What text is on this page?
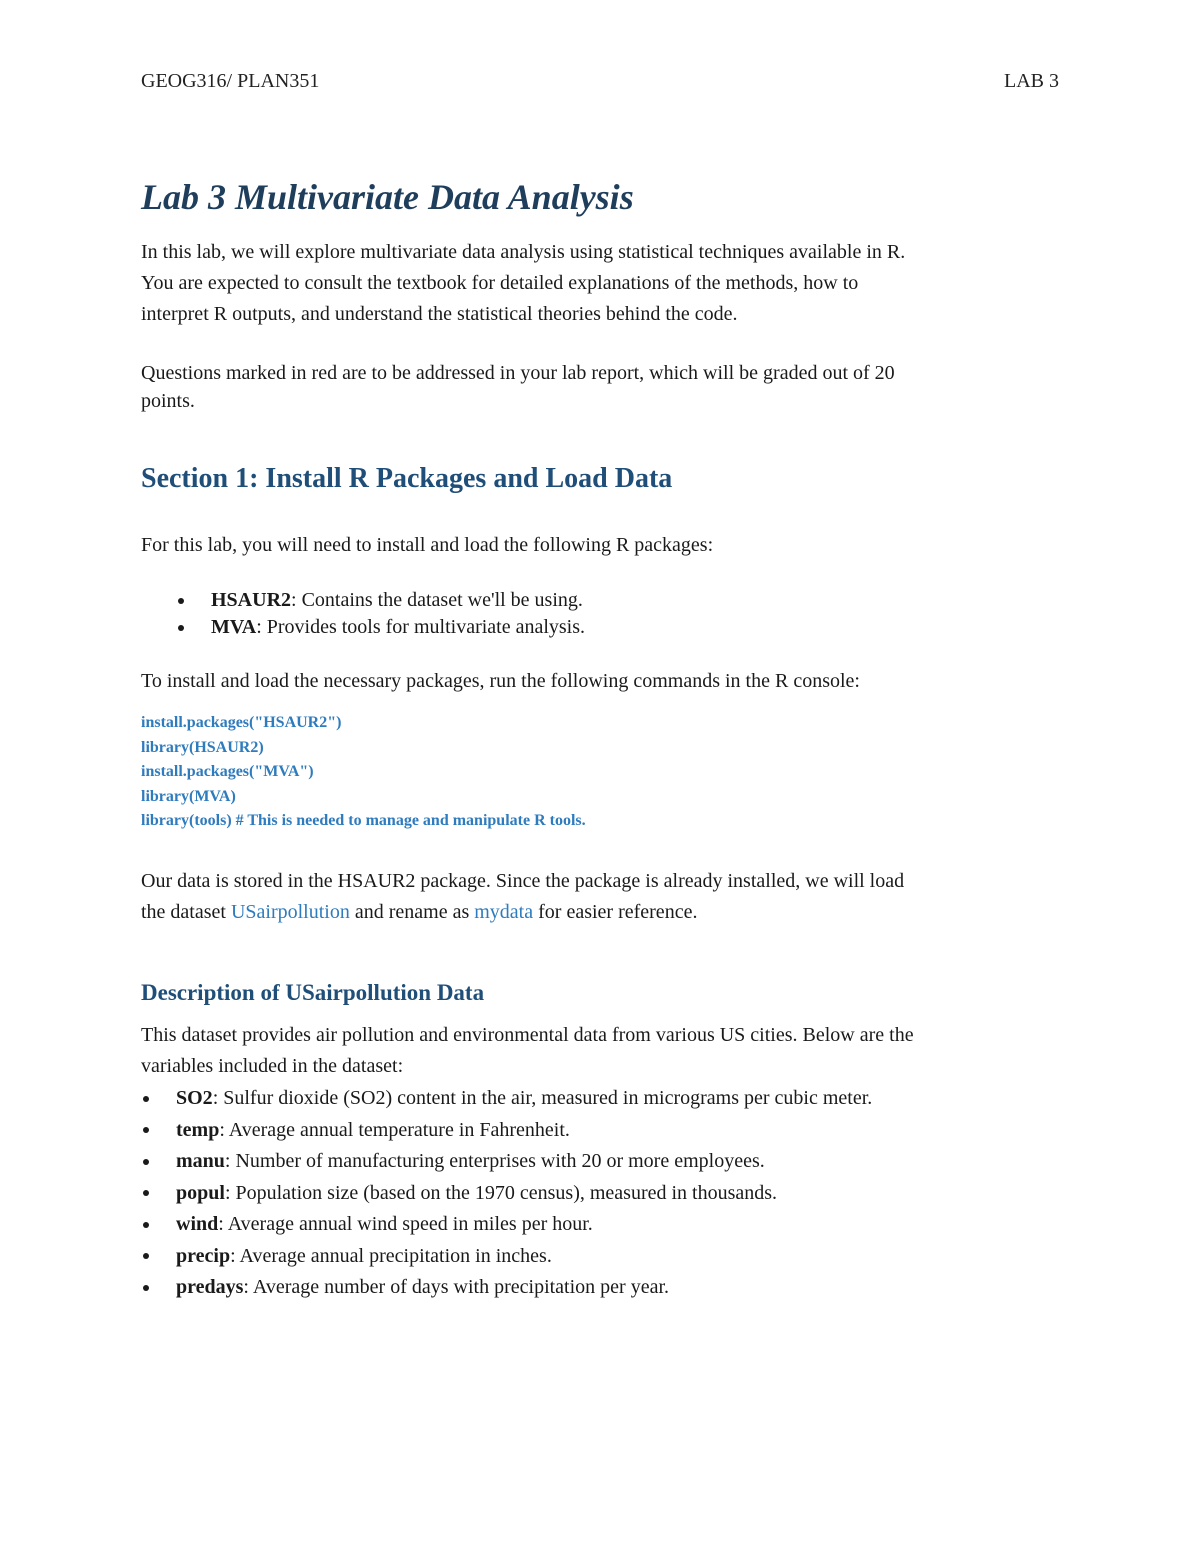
GEOG316/ PLAN351	LAB 3
Lab 3 Multivariate Data Analysis
In this lab, we will explore multivariate data analysis using statistical techniques available in R.
You are expected to consult the textbook for detailed explanations of the methods, how to
interpret R outputs, and understand the statistical theories behind the code.
Questions marked in red are to be addressed in your lab report, which will be graded out of 20
points.
Section 1: Install R Packages and Load Data
For this lab, you will need to install and load the following R packages:
HSAUR2: Contains the dataset we'll be using.
MVA: Provides tools for multivariate analysis.
To install and load the necessary packages, run the following commands in the R console:
install.packages("HSAUR2")
library(HSAUR2)
install.packages("MVA")
library(MVA)
library(tools) # This is needed to manage and manipulate R tools.
Our data is stored in the HSAUR2 package. Since the package is already installed, we will load
the dataset USairpollution and rename as mydata for easier reference.
Description of USairpollution Data
This dataset provides air pollution and environmental data from various US cities. Below are the
variables included in the dataset:
SO2: Sulfur dioxide (SO2) content in the air, measured in micrograms per cubic meter.
temp: Average annual temperature in Fahrenheit.
manu: Number of manufacturing enterprises with 20 or more employees.
popul: Population size (based on the 1970 census), measured in thousands.
wind: Average annual wind speed in miles per hour.
precip: Average annual precipitation in inches.
predays: Average number of days with precipitation per year.
